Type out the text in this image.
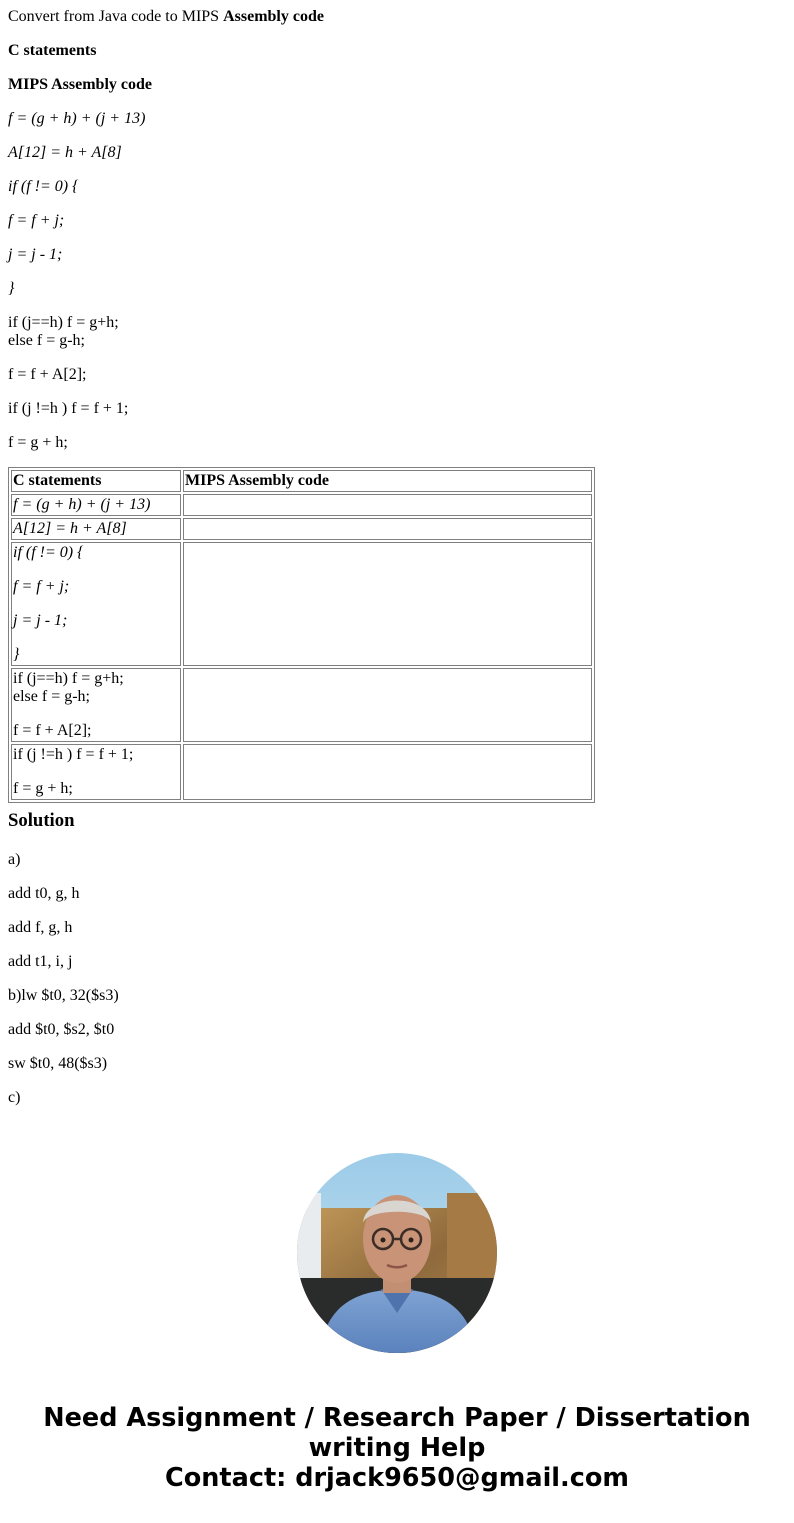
Convert from Java code to MIPS Assembly code

C statements

MIPS Assembly code

f = (g + h) + (j + 13)

A[12] = h + A[8]

if (f != 0) {

f = f + j;

j = j - 1;

}

if (j==h) f = g+h;

else f = g-h;

f = f + A[2];

if (j !=h ) f = f + 1;

f = g + h;

C statements	MIPS Assembly code

f = (g + h) + (j + 13)	

A[12] = h + A[8]	

if (f != 0) {

f = f + j;

j = j - 1;

}	

if (j==h) f = g+h;
else f = g-h;

f = f + A[2];	

if (j !=h ) f = f + 1;

f = g + h;	

Solution

a)

add t0, g, h

add f, g, h

add t1, i, j

b)lw $t0, 32($s3)

add $t0, $s2, $t0

sw $t0, 48($s3)

c)

Need Assignment / Research Paper / Dissertation
writing Help
Contact: drjack9650@gmail.com
